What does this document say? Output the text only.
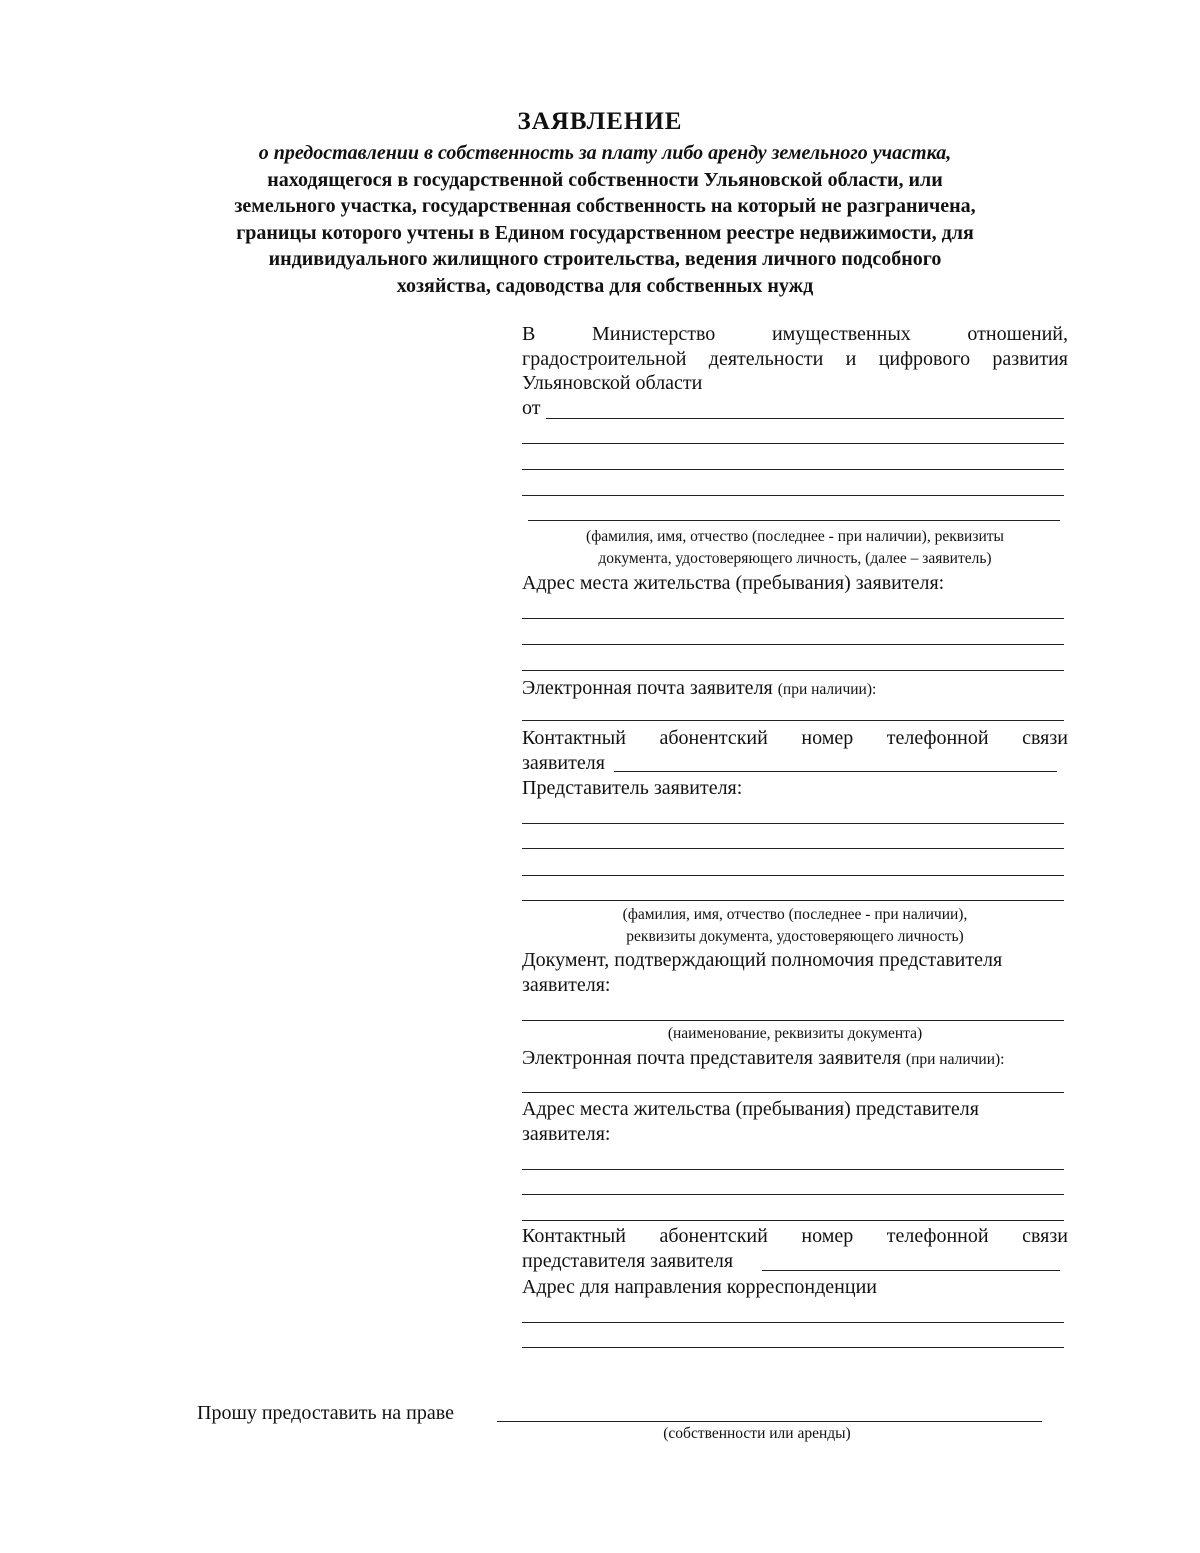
ЗАЯВЛЕНИЕ
о предоставлении в собственность за плату либо аренду земельного участка,
находящегося в государственной собственности Ульяновской области, или
земельного участка, государственная собственность на который не разграничена,
границы которого учтены в Едином государственном реестре недвижимости, для
индивидуального жилищного строительства, ведения личного подсобного
хозяйства, садоводства для собственных нужд
В Министерство имущественных отношений,
градостроительной деятельности и цифрового развития
Ульяновской области
от
(фамилия, имя, отчество (последнее - при наличии), реквизиты
документа, удостоверяющего личность, (далее – заявитель)
Адрес места жительства (пребывания) заявителя:
Электронная почта заявителя (при наличии):
Контактный абонентский номер телефонной связи
заявителя
Представитель заявителя:
(фамилия, имя, отчество (последнее - при наличии),
реквизиты документа, удостоверяющего личность)
Документ, подтверждающий полномочия представителя
заявителя:
(наименование, реквизиты документа)
Электронная почта представителя заявителя (при наличии):
Адрес места жительства (пребывания) представителя
заявителя:
Контактный абонентский номер телефонной связи
представителя заявителя
Адрес для направления корреспонденции
Прошу предоставить на праве
(собственности или аренды)
